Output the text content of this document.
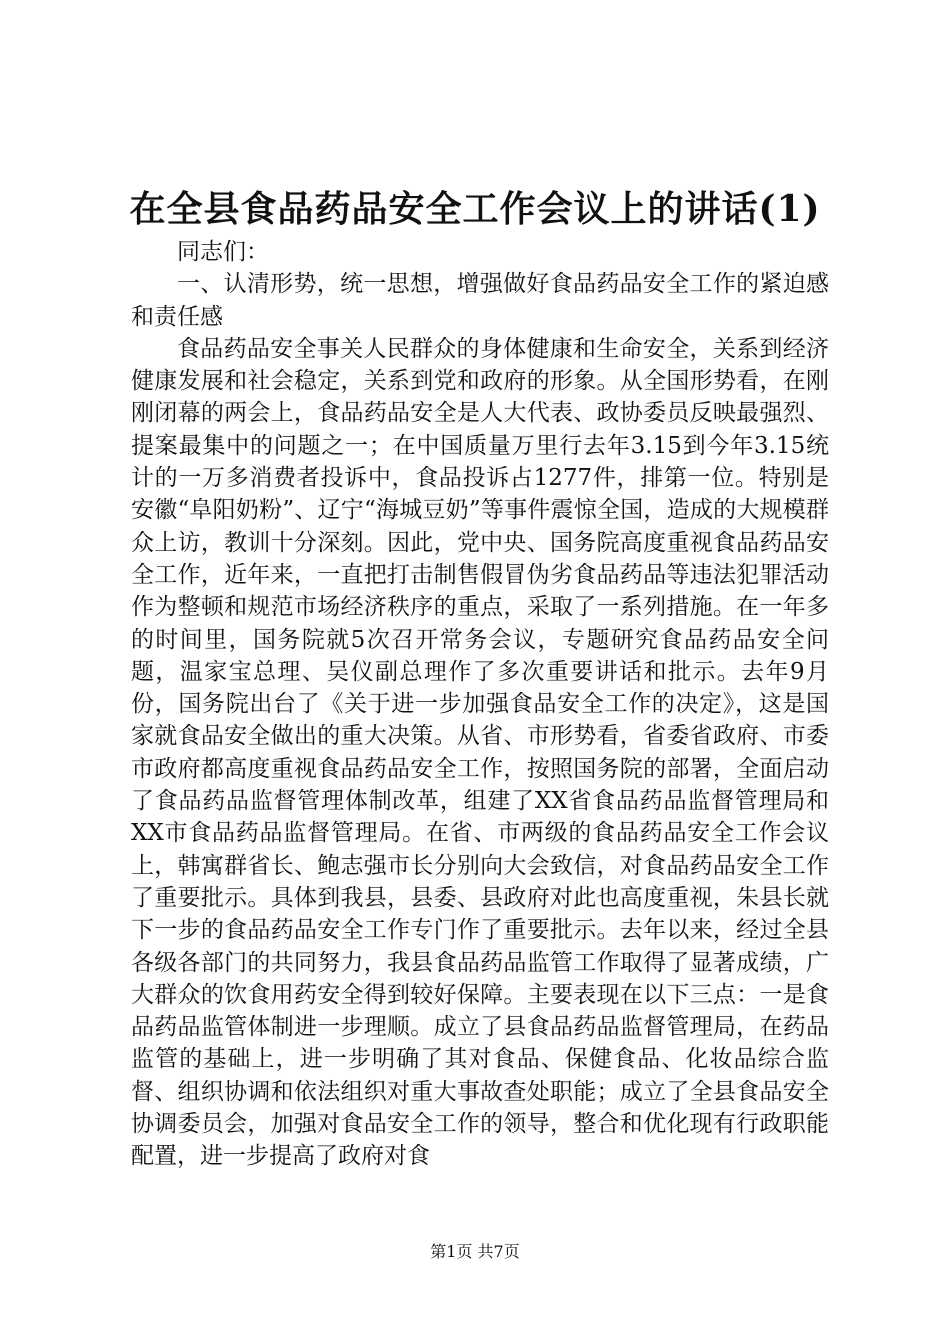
在全县食品药品安全工作会议上的讲话(1)

同志们：

一、认清形势，统一思想，增强做好食品药品安全工作的紧迫感和责任感

食品药品安全事关人民群众的身体健康和生命安全，关系到经济健康发展和社会稳定，关系到党和政府的形象。从全国形势看，在刚刚闭幕的两会上，食品药品安全是人大代表、政协委员反映最强烈、提案最集中的问题之一；在中国质量万里行去年3.15到今年3.15统计的一万多消费者投诉中，食品投诉占1277件，排第一位。特别是安徽“阜阳奶粉”、辽宁“海城豆奶”等事件震惊全国，造成的大规模群众上访，教训十分深刻。因此，党中央、国务院高度重视食品药品安全工作，近年来，一直把打击制售假冒伪劣食品药品等违法犯罪活动作为整顿和规范市场经济秩序的重点，采取了一系列措施。在一年多的时间里，国务院就5次召开常务会议，专题研究食品药品安全问题，温家宝总理、吴仪副总理作了多次重要讲话和批示。去年9月份，国务院出台了《关于进一步加强食品安全工作的决定》，这是国家就食品安全做出的重大决策。从省、市形势看，省委省政府、市委市政府都高度重视食品药品安全工作，按照国务院的部署，全面启动了食品药品监督管理体制改革，组建了XX省食品药品监督管理局和XX市食品药品监督管理局。在省、市两级的食品药品安全工作会议上，韩寓群省长、鲍志强市长分别向大会致信，对食品药品安全工作了重要批示。具体到我县，县委、县政府对此也高度重视，朱县长就下一步的食品药品安全工作专门作了重要批示。去年以来，经过全县各级各部门的共同努力，我县食品药品监管工作取得了显著成绩，广大群众的饮食用药安全得到较好保障。主要表现在以下三点：一是食品药品监管体制进一步理顺。成立了县食品药品监督管理局，在药品监管的基础上，进一步明确了其对食品、保健食品、化妆品综合监督、组织协调和依法组织对重大事故查处职能；成立了全县食品安全协调委员会，加强对食品安全工作的领导，整合和优化现有行政职能配置，进一步提高了政府对食

第1页 共7页
